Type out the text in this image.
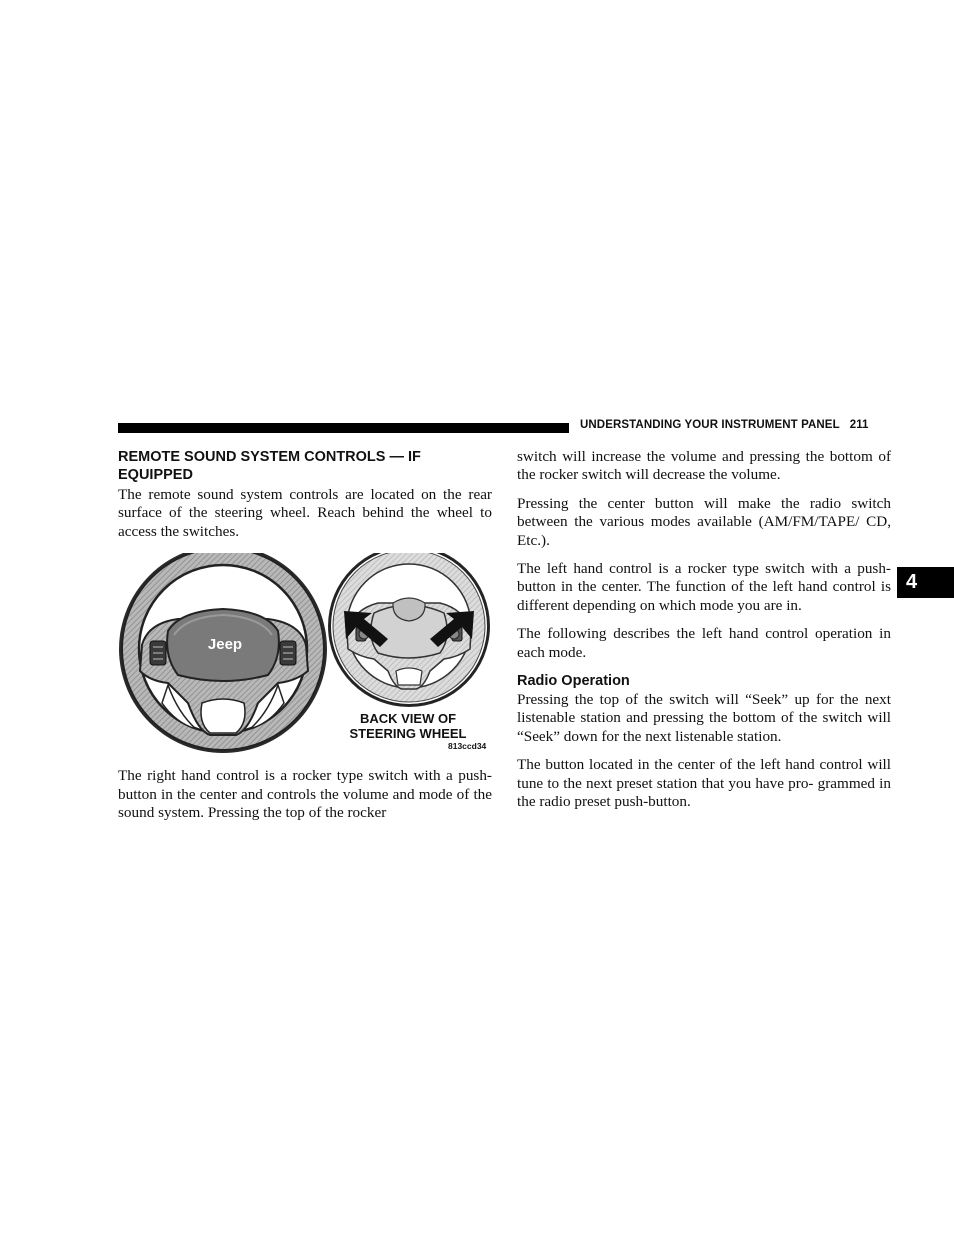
UNDERSTANDING YOUR INSTRUMENT PANEL 211
4
REMOTE SOUND SYSTEM CONTROLS — IF EQUIPPED

The remote sound system controls are located on the rear surface of the steering wheel. Reach behind the wheel to access the switches.

Jeep
BACK VIEW OF STEERING WHEEL
813ccd34

The right hand control is a rocker type switch with a push-button in the center and controls the volume and mode of the sound system. Pressing the top of the rocker

switch will increase the volume and pressing the bottom of the rocker switch will decrease the volume.

Pressing the center button will make the radio switch between the various modes available (AM/FM/TAPE/ CD, Etc.).

The left hand control is a rocker type switch with a push-button in the center. The function of the left hand control is different depending on which mode you are in.

The following describes the left hand control operation in each mode.

Radio Operation

Pressing the top of the switch will “Seek” up for the next listenable station and pressing the bottom of the switch will “Seek” down for the next listenable station.

The button located in the center of the left hand control will tune to the next preset station that you have pro- grammed in the radio preset push-button.
